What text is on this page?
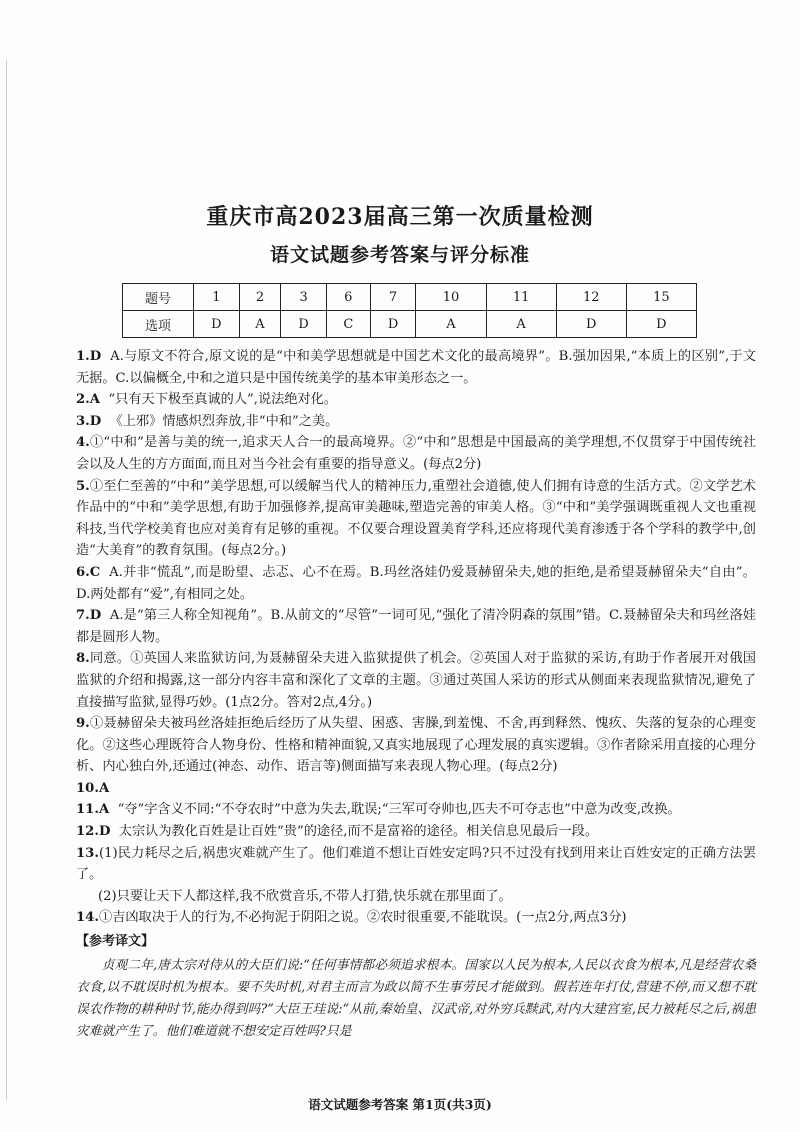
重庆市高2023届高三第一次质量检测
语文试题参考答案与评分标准
题号	1	2	3	6	7	10	11	12	15
选项	D	A	D	C	D	A	A	D	D

1.D A.与原文不符合,原文说的是“中和美学思想就是中国艺术文化的最高境界”。B.强加因果,“本质上的区别”,于文无据。C.以偏概全,中和之道只是中国传统美学的基本审美形态之一。

2.A “只有天下极至真诚的人”,说法绝对化。

3.D 《上邪》情感炽烈奔放,非“中和”之美。

4.①“中和”是善与美的统一,追求天人合一的最高境界。②“中和”思想是中国最高的美学理想,不仅贯穿于中国传统社会以及人生的方方面面,而且对当今社会有重要的指导意义。(每点2分)

5.①至仁至善的“中和”美学思想,可以缓解当代人的精神压力,重塑社会道德,使人们拥有诗意的生活方式。②文学艺术作品中的“中和”美学思想,有助于加强修养,提高审美趣味,塑造完善的审美人格。③“中和”美学强调既重视人文也重视科技,当代学校美育也应对美育有足够的重视。不仅要合理设置美育学科,还应将现代美育渗透于各个学科的教学中,创造“大美育”的教育氛围。(每点2分。)

6.C A.并非“慌乱”,而是盼望、忐忑、心不在焉。B.玛丝洛娃仍爱聂赫留朵夫,她的拒绝,是希望聂赫留朵夫“自由”。D.两处都有“爱”,有相同之处。

7.D A.是“第三人称全知视角”。B.从前文的“尽管”一词可见,“强化了清冷阴森的氛围”错。C.聂赫留朵夫和玛丝洛娃都是圆形人物。

8.同意。①英国人来监狱访问,为聂赫留朵夫进入监狱提供了机会。②英国人对于监狱的采访,有助于作者展开对俄国监狱的介绍和揭露,这一部分内容丰富和深化了文章的主题。③通过英国人采访的形式从侧面来表现监狱情况,避免了直接描写监狱,显得巧妙。(1点2分。答对2点,4分。)

9.①聂赫留朵夫被玛丝洛娃拒绝后经历了从失望、困惑、害臊,到羞愧、不舍,再到释然、愧疚、失落的复杂的心理变化。②这些心理既符合人物身份、性格和精神面貌,又真实地展现了心理发展的真实逻辑。③作者除采用直接的心理分析、内心独白外,还通过(神态、动作、语言等)侧面描写来表现人物心理。(每点2分)

10.A

11.A “夺”字含义不同:“不夺农时”中意为失去,耽误;“三军可夺帅也,匹夫不可夺志也”中意为改变,改换。

12.D 太宗认为教化百姓是让百姓“贵”的途径,而不是富裕的途径。相关信息见最后一段。

13.(1)民力耗尽之后,祸患灾难就产生了。他们难道不想让百姓安定吗?只不过没有找到用来让百姓安定的正确方法罢了。

(2)只要让天下人都这样,我不欣赏音乐,不带人打猎,快乐就在那里面了。

14.①吉凶取决于人的行为,不必拘泥于阴阳之说。②农时很重要,不能耽误。(一点2分,两点3分)

【参考译文】

贞观二年,唐太宗对侍从的大臣们说:“任何事情都必须追求根本。国家以人民为根本,人民以衣食为根本,凡是经营农桑衣食,以不耽误时机为根本。要不失时机,对君主而言为政以简不生事劳民才能做到。假若连年打仗,营建不停,而又想不耽误农作物的耕种时节,能办得到吗?”大臣王珪说:“从前,秦始皇、汉武帝,对外穷兵黩武,对内大建宫室,民力被耗尽之后,祸患灾难就产生了。他们难道就不想安定百姓吗?只是

语文试题参考答案 第1页(共3页)
